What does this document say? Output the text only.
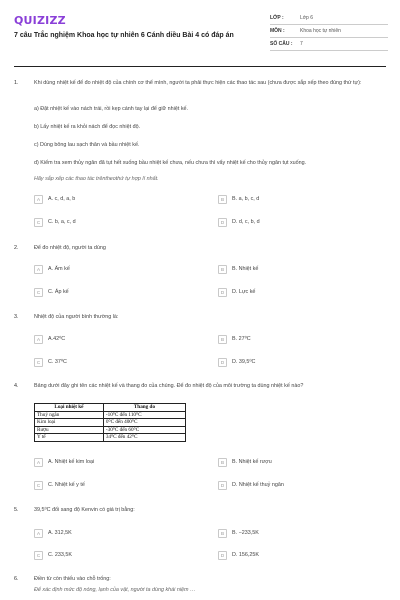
QUIZIZZ
7 câu Trắc nghiệm Khoa học tự nhiên 6 Cánh diều Bài 4 có đáp án
LỚP :	Lớp 6
MÔN :	Khoa học tự nhiên
SỐ CÂU :	7
1.	Khi dùng nhiệt kế để đo nhiệt độ của chính cơ thể mình, người ta phải thực hiện các thao tác sau (chưa được sắp xếp theo đúng thứ tự):
a) Đặt nhiệt kế vào nách trái, rồi kẹp cánh tay lại để giữ nhiệt kế.
b) Lấy nhiệt kế ra khỏi nách để đọc nhiệt độ.
c) Dùng bông lau sạch thân và bầu nhiệt kế.
d) Kiểm tra xem thủy ngân đã tụt hết xuống bầu nhiệt kế chưa, nếu chưa thì vẩy nhiệt kế cho thủy ngân tụt xuống.
Hãy sắp xếp các thao tác trênthеothứ tự hợp lí nhất.
A	A. c, d, a, b	B	B. a, b, c, d
C	C. b, a, c, d	D	D. d, c, b, d
2.	Để đo nhiệt độ, người ta dùng
A	A. Ẩm kế	B	B. Nhiệt kế
C	C. Áp kế	D	D. Lực kế
3.	Nhiệt độ của người bình thường là:
A	A.42⁰C	B	B. 27⁰C
C	C. 37⁰C	D	D. 39,5⁰C
4.	Bảng dưới đây ghi tên các nhiệt kế và thang đo của chúng. Để đo nhiệt độ của môi trường ta dùng nhiệt kế nào?
Loại nhiệt kế	Thang đo
Thuỷ ngân	-10⁰C đến 110⁰C
Kim loại	0⁰C đến 400⁰C
Rượu	-30⁰C đến 60⁰C
Y tế	34⁰C đến 42⁰C
A	A. Nhiệt kế kim loại	B	B. Nhiệt kế rượu
C	C. Nhiệt kế y tế	D	D. Nhiệt kế thuỷ ngân
5.	39,5⁰C đổi sang độ Kenvin có giá trị bằng:
A	A. 312,5K	B	B. −233,5K
C	C. 233,5K	D	D. 156,25K
6.	Điền từ còn thiếu vào chỗ trống:
Để xác định mức độ nóng, lạnh của vật, người ta dùng khái niệm …
